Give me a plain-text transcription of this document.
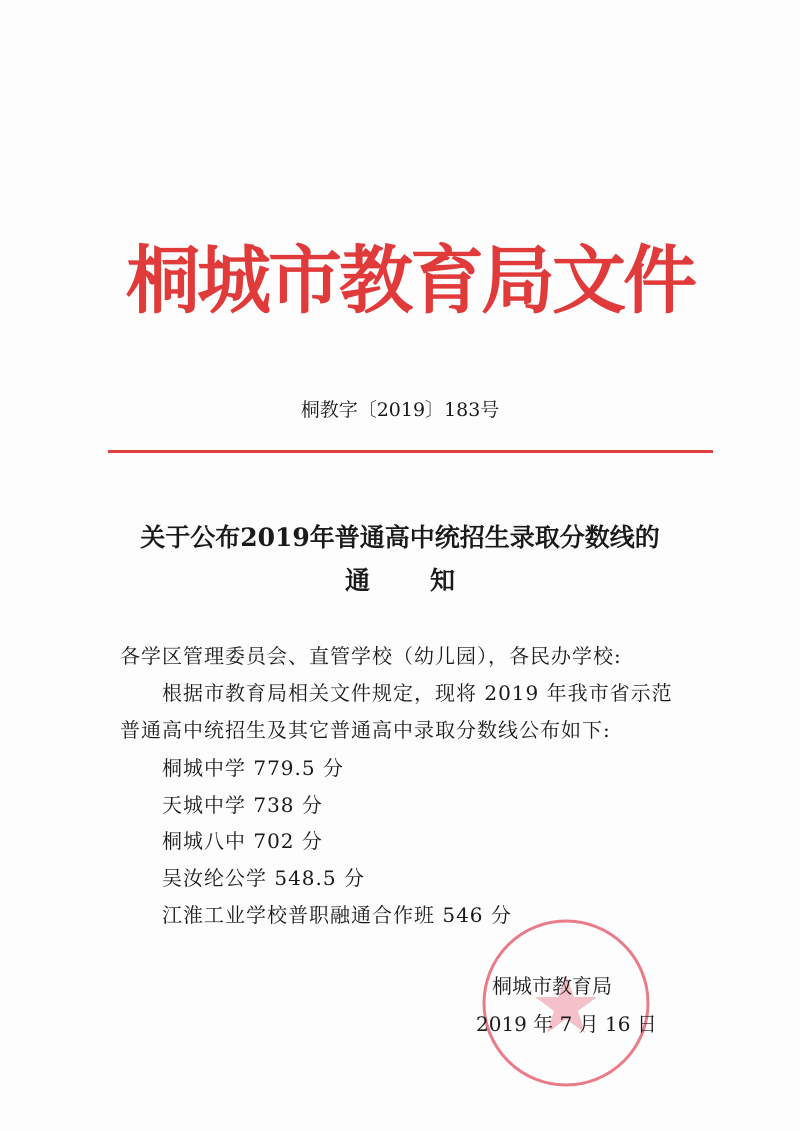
桐城市教育局文件
桐教字〔2019〕183号
关于公布2019年普通高中统招生录取分数线的
通知
各学区管理委员会、直管学校（幼儿园），各民办学校:
根据市教育局相关文件规定，现将 2019 年我市省示范
普通高中统招生及其它普通高中录取分数线公布如下:
桐城中学 779.5 分
天城中学 738 分
桐城八中 702 分
吴汝纶公学 548.5 分
江淮工业学校普职融通合作班 546 分
桐城市教育局
2019 年 7 月 16 日
